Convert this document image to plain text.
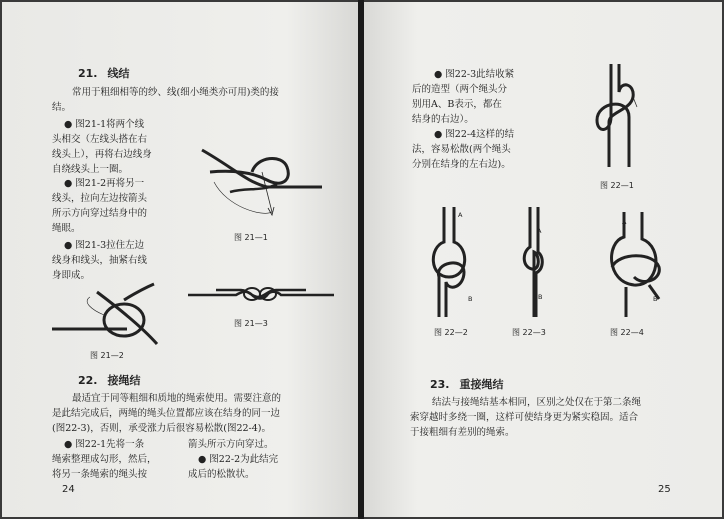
21. 线结
常用于粗细相等的纱、线(细小绳类亦可用)类的接
结。
● 图21-1将两个线
头相交（左线头搭在右
线头上），再将右边线身
自绕线头上一圈。
● 图21-2再将另一
线头，拉向左边按箭头
所示方向穿过结身中的
绳眼。
● 图21-3拉住左边
线身和线头，抽紧右线
身即成。
图 21—1
图 21—2
图 21—3
22. 接绳结
最适宜于同等粗细和质地的绳索使用。需要注意的
是此结完成后，两绳的绳头位置都应该在结身的同一边
(图22-3)，否则，承受涨力后很容易松散(图22-4)。
● 图22-1先将一条
绳索整理成勾形，然后，
将另一条绳索的绳头按
箭头所示方向穿过。
● 图22-2为此结完
成后的松散状。
24
● 图22-3此结收紧
后的造型（两个绳头分
别用A、B表示，都在
结身的右边）。
● 图22-4这样的结
法，容易松散(两个绳头
分别在结身的左右边)。
图 22—1
A
B
图 22—2
A
B
图 22—3
A
B
图 22—4
23. 重接绳结
结法与接绳结基本相同，区别之处仅在于第二条绳
索穿越时多绕一圈，这样可使结身更为紧实稳固。适合
于接粗细有差别的绳索。
25
